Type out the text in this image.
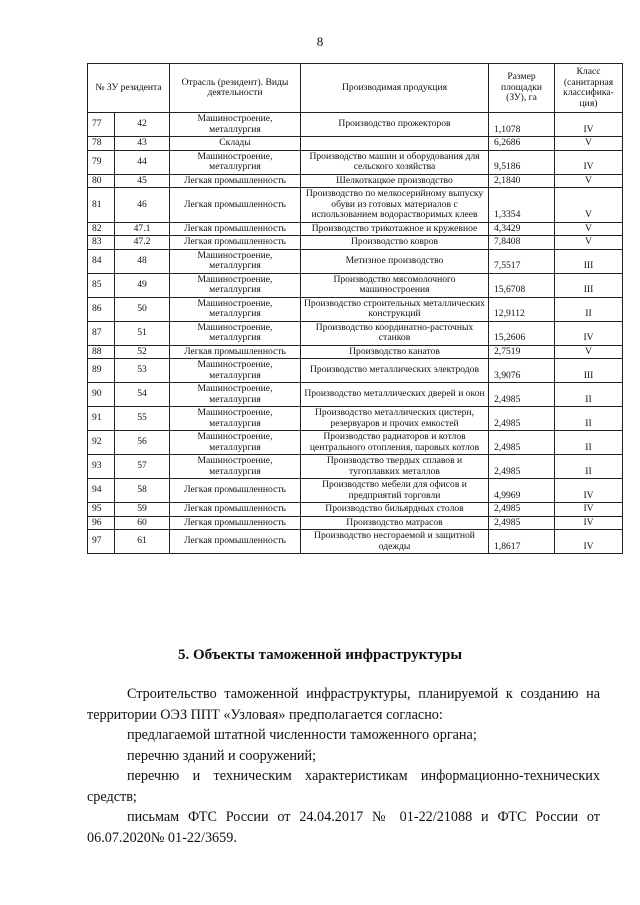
8
№ ЗУ резидента		Отрасль (резидент). Виды деятельности	Производимая продукция	Размер площадки (ЗУ), га	Класс (санитарная классифика-ция)
77	42	Машиностроение, металлургия	Производство прожекторов	1,1078	IV
78	43	Склады		6,2686	V
79	44	Машиностроение, металлургия	Производство машин и оборудования для сельского хозяйства	9,5186	IV
80	45	Легкая промышленность	Шелкоткацкое производство	2,1840	V
81	46	Легкая промышленность	Производство по мелкосерийному выпуску обуви из готовых материалов с использованием водорастворимых клеев	1,3354	V
82	47.1	Легкая промышленность	Производство трикотажное и кружевное	4,3429	V
83	47.2	Легкая промышленность	Производство ковров	7,8408	V
84	48	Машиностроение, металлургия	Метизное производство	7,5517	III
85	49	Машиностроение, металлургия	Производство мясомолочного машиностроения	15,6708	III
86	50	Машиностроение, металлургия	Производство строительных металлических конструкций	12,9112	II
87	51	Машиностроение, металлургия	Производство координатно-расточных станков	15,2606	IV
88	52	Легкая промышленность	Производство канатов	2,7519	V
89	53	Машиностроение, металлургия	Производство металлических электродов	3,9076	III
90	54	Машиностроение, металлургия	Производство металлических дверей и окон	2,4985	II
91	55	Машиностроение, металлургия	Производство металлических цистерн, резервуаров и прочих емкостей	2,4985	II
92	56	Машиностроение, металлургия	Производство радиаторов и котлов центрального отопления, паровых котлов	2,4985	II
93	57	Машиностроение, металлургия	Производство твердых сплавов и тугоплавких металлов	2,4985	II
94	58	Легкая промышленность	Производство мебели для офисов и предприятий торговли	4,9969	IV
95	59	Легкая промышленность	Производство бильярдных столов	2,4985	IV
96	60	Легкая промышленность	Производство матрасов	2,4985	IV
97	61	Легкая промышленность	Производство несгораемой и защитной одежды	1,8617	IV
5. Объекты таможенной инфраструктуры

Строительство таможенной инфраструктуры, планируемой к созданию на территории ОЭЗ ППТ «Узловая» предполагается согласно:

предлагаемой штатной численности таможенного органа;

перечню зданий и сооружений;

перечню и техническим характеристикам информационно-технических средств;

письмам ФТС России от 24.04.2017 № 01-22/21088 и ФТС России от 06.07.2020№ 01-22/3659.
